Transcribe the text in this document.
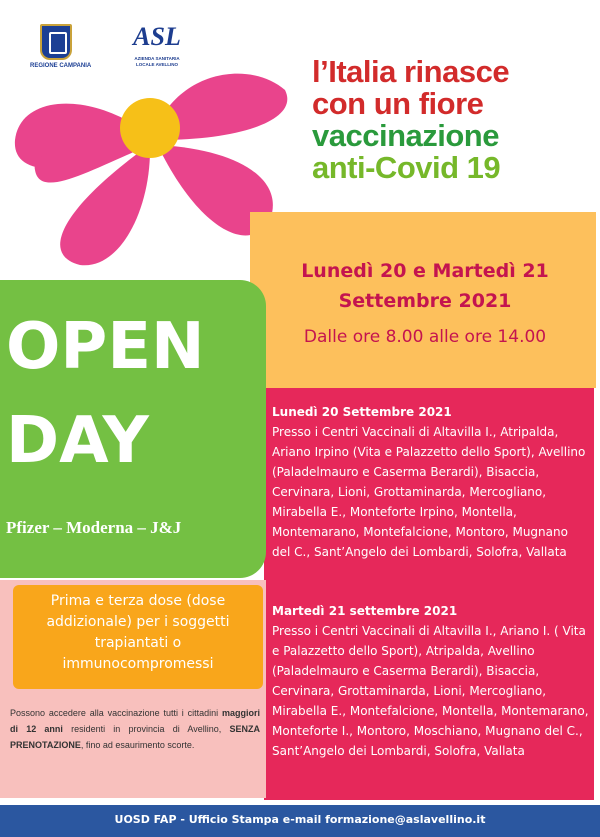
REGIONE CAMPANIA
ASL
AZIENDA SANITARIA LOCALE AVELLINO	l’Italia rinasce
con un fiore
vaccinazione
anti-Covid 19
Lunedì 20 e Martedì 21
Settembre 2021
Dalle ore 8.00 alle ore 14.00
Lunedì 20 Settembre 2021

Presso i Centri Vaccinali di Altavilla I., Atripalda, Ariano Irpino (Vita e Palazzetto dello Sport), Avellino (Paladelmauro e Caserma Berardi), Bisaccia, Cervinara, Lioni, Grottaminarda, Mercogliano, Mirabella E., Monteforte Irpino, Montella, Montemarano, Montefalcione, Montoro, Mugnano del C., Sant’Angelo dei Lombardi, Solofra, Vallata

Martedì 21 settembre 2021

Presso i Centri Vaccinali di Altavilla I., Ariano I. ( Vita e Palazzetto dello Sport), Atripalda, Avellino (Paladelmauro e Caserma Berardi), Bisaccia, Cervinara, Grottaminarda, Lioni, Mercogliano, Mirabella E., Montefalcione, Montella, Montemarano, Monteforte I., Montoro, Moschiano, Mugnano del C., Sant’Angelo dei Lombardi, Solofra, Vallata

OPEN
DAY
Pfizer – Moderna – J&J
Prima e terza dose (dose addizionale) per i soggetti trapiantati o immunocompromessi
Possono accedere alla vaccinazione tutti i cittadini maggiori di 12 anni residenti in provincia di Avellino, SENZA PRENOTAZIONE, fino ad esaurimento scorte.
UOSD FAP - Ufficio Stampa e-mail formazione@aslavellino.it
